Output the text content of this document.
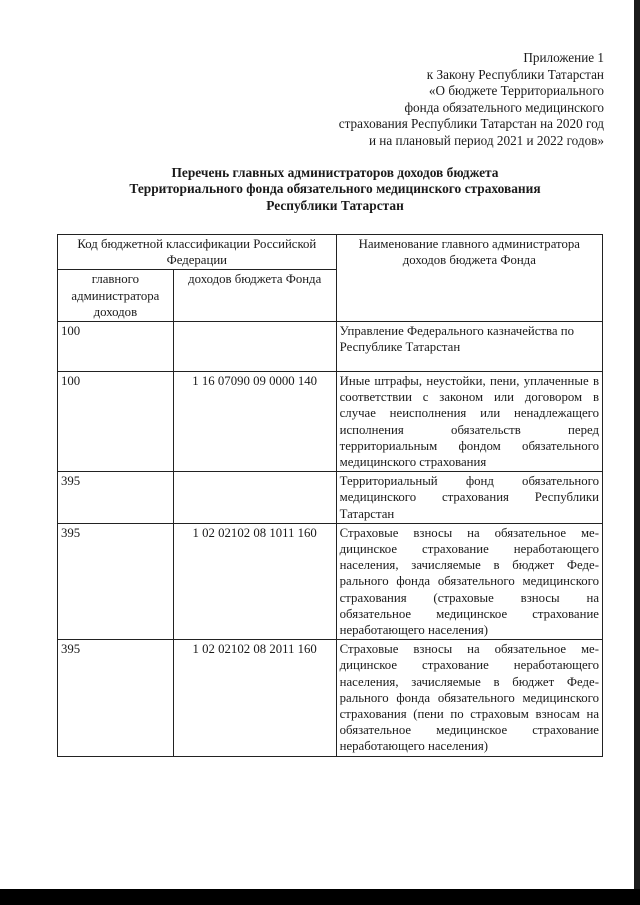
Приложение 1
к Закону Республики Татарстан
«О бюджете Территориального
фонда обязательного медицинского
страхования Республики Татарстан на 2020 год
и на плановый период 2021 и 2022 годов»
Перечень главных администраторов доходов бюджета
Территориального фонда обязательного медицинского страхования
Республики Татарстан
Код бюджетной классификации Российской Федерации		Наименование главного администратора доходов бюджета Фонда
главного администратора доходов	доходов бюджета Фонда	
100		Управление Федерального казначейства по Республике Татарстан
100	1 16 07090 09 0000 140	Иные штрафы, неустойки, пени, уплаченные в соответствии с законом или договором в случае неисполнения или ненадлежащего исполнения обязательств перед территориальным фондом обязательного медицинского страхования
395		Территориальный фонд обязательного медицинского страхования Республики Татарстан
395	1 02 02102 08 1011 160	Страховые взносы на обязательное медицинское страхование неработающего населения, зачисляемые в бюджет Федерального фонда обязательного медицинского страхования (страховые взносы на обязательное медицинское страхование неработающего населения)
395	1 02 02102 08 2011 160	Страховые взносы на обязательное медицинское страхование неработающего населения, зачисляемые в бюджет Федерального фонда обязательного медицинского страхования (пени по страховым взносам на обязательное медицинское страхование неработающего населения)
